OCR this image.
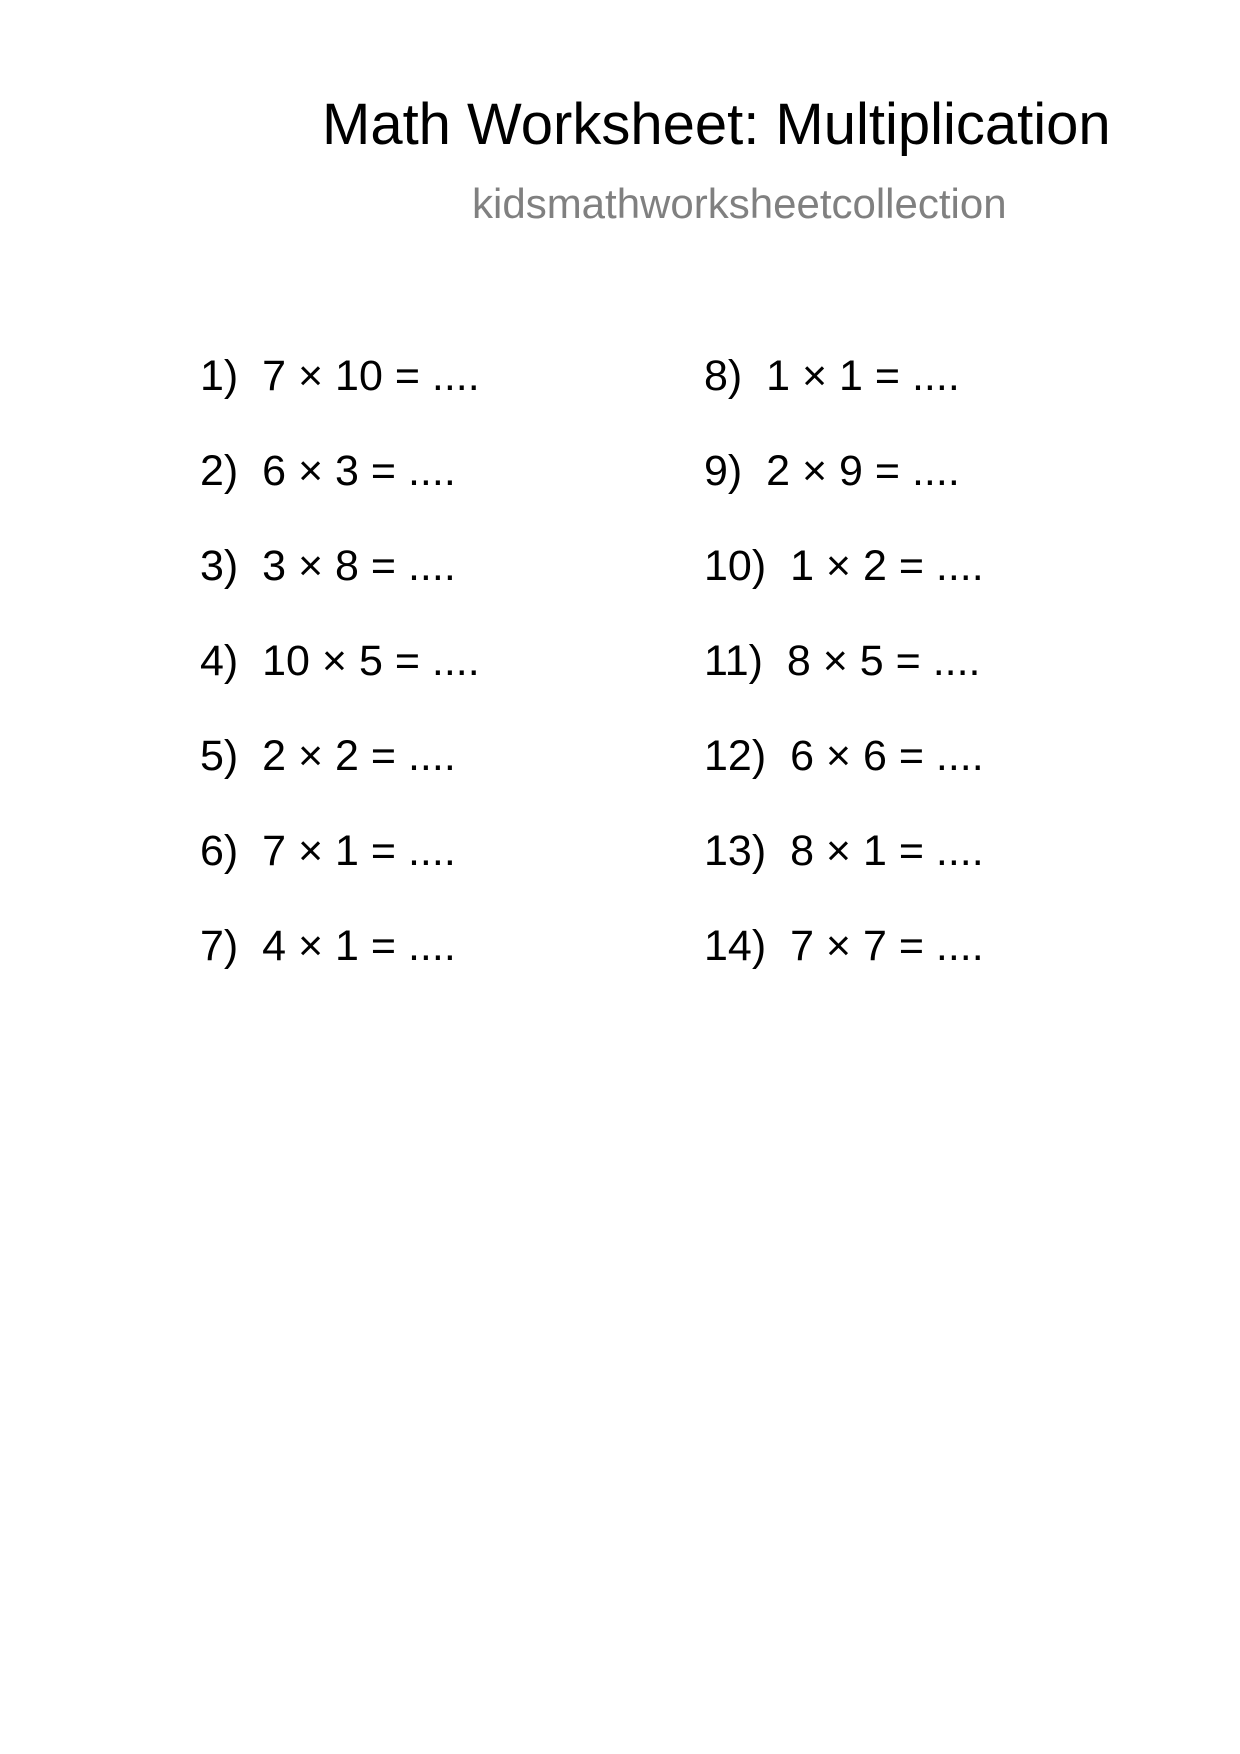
Math Worksheet: Multiplication
kidsmathworksheetcollection
1) 7 × 10 = ....
2) 6 × 3 = ....
3) 3 × 8 = ....
4) 10 × 5 = ....
5) 2 × 2 = ....
6) 7 × 1 = ....
7) 4 × 1 = ....
8) 1 × 1 = ....
9) 2 × 9 = ....
10) 1 × 2 = ....
11) 8 × 5 = ....
12) 6 × 6 = ....
13) 8 × 1 = ....
14) 7 × 7 = ....
